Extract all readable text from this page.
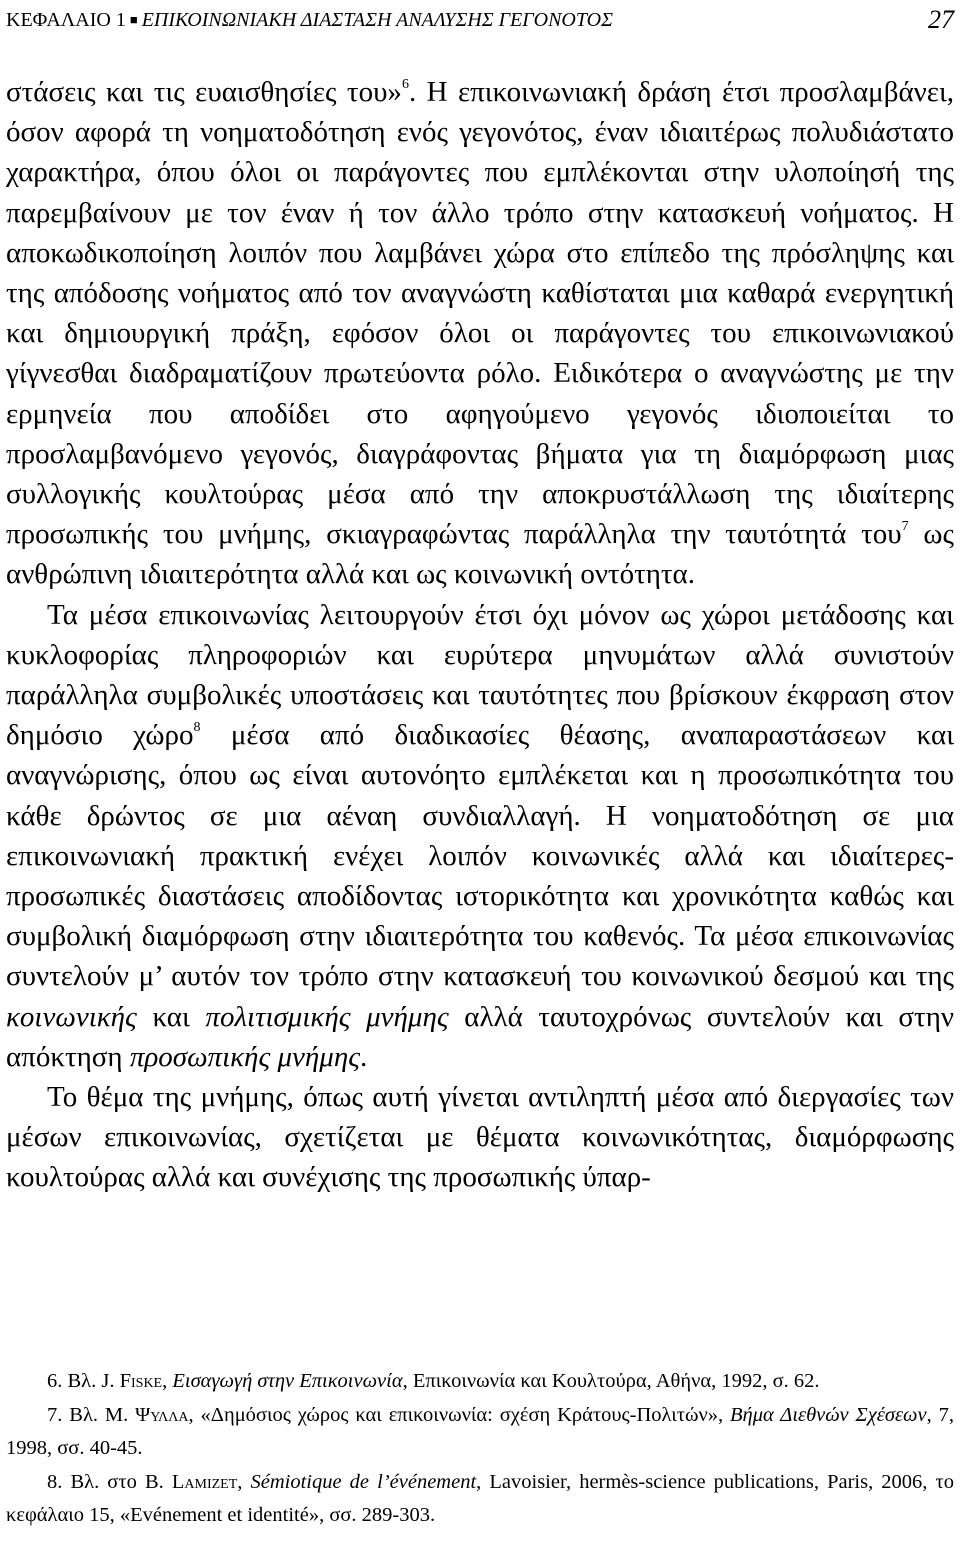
ΚΕΦΑΛΑΙΟ 1 ■ ΕΠΙΚΟΙΝΩΝΙΑΚΗ ΔΙΑΣΤΑΣΗ ΑΝΑΛΥΣΗΣ ΓΕΓΟΝΟΤΟΣ	27

στάσεις και τις ευαισθησίες του»$^6$. Η επικοινωνιακή δράση έτσι προσλαμβάνει, όσον αφορά τη νοηματοδότηση ενός γεγονότος, έναν ιδιαιτέρως πολυδιάστατο χαρακτήρα, όπου όλοι οι παράγοντες που εμπλέκονται στην υλοποίησή της παρεμβαίνουν με τον έναν ή τον άλλο τρόπο στην κατασκευή νοήματος. Η αποκωδικοποίηση λοιπόν που λαμβάνει χώρα στο επίπεδο της πρόσληψης και της απόδοσης νοήματος από τον αναγνώστη καθίσταται μια καθαρά ενεργητική και δημιουργική πράξη, εφόσον όλοι οι παράγοντες του επικοινωνιακού γίγνεσθαι διαδραματίζουν πρωτεύοντα ρόλο. Ειδικότερα ο αναγνώστης με την ερμηνεία που αποδίδει στο αφηγούμενο γεγονός ιδιοποιείται το προσλαμβανόμενο γεγονός, διαγράφοντας βήματα για τη διαμόρφωση μιας συλλογικής κουλτούρας μέσα από την αποκρυστάλλωση της ιδιαίτερης προσωπικής του μνήμης, σκιαγραφώντας παράλληλα την ταυτότητά του$^7$ ως ανθρώπινη ιδιαιτερότητα αλλά και ως κοινωνική οντότητα.

Τα μέσα επικοινωνίας λειτουργούν έτσι όχι μόνον ως χώροι μετάδοσης και κυκλοφορίας πληροφοριών και ευρύτερα μηνυμάτων αλλά συνιστούν παράλληλα συμβολικές υποστάσεις και ταυτότητες που βρίσκουν έκφραση στον δημόσιο χώρο$^8$ μέσα από διαδικασίες θέασης, αναπαραστάσεων και αναγνώρισης, όπου ως είναι αυτονόητο εμπλέκεται και η προσωπικότητα του κάθε δρώντος σε μια αέναη συνδιαλλαγή. Η νοηματοδότηση σε μια επικοινωνιακή πρακτική ενέχει λοιπόν κοινωνικές αλλά και ιδιαίτερες-προσωπικές διαστάσεις αποδίδοντας ιστορικότητα και χρονικότητα καθώς και συμβολική διαμόρφωση στην ιδιαιτερότητα του καθενός. Τα μέσα επικοινωνίας συντελούν μ’ αυτόν τον τρόπο στην κατασκευή του κοινωνικού δεσμού και της κοινωνικής και πολιτισμικής μνήμης αλλά ταυτοχρόνως συντελούν και στην απόκτηση προσωπικής μνήμης.

Το θέμα της μνήμης, όπως αυτή γίνεται αντιληπτή μέσα από διεργασίες των μέσων επικοινωνίας, σχετίζεται με θέματα κοινωνικότητας, διαμόρφωσης κουλτούρας αλλά και συνέχισης της προσωπικής ύπαρ-

6. Βλ. J. Fiske, Εισαγωγή στην Επικοινωνία, Επικοινωνία και Κουλτούρα, Αθήνα, 1992, σ. 62.

7. Βλ. Μ. Ψυλλα, «Δημόσιος χώρος και επικοινωνία: σχέση Κράτους-Πολιτών», Βήμα Διεθνών Σχέσεων, 7, 1998, σσ. 40-45.

8. Βλ. στο B. Lamizet, Sémiotique de l’événement, Lavoisier, hermès-science publications, Paris, 2006, το κεφάλαιο 15, «Evénement et identité», σσ. 289-303.
